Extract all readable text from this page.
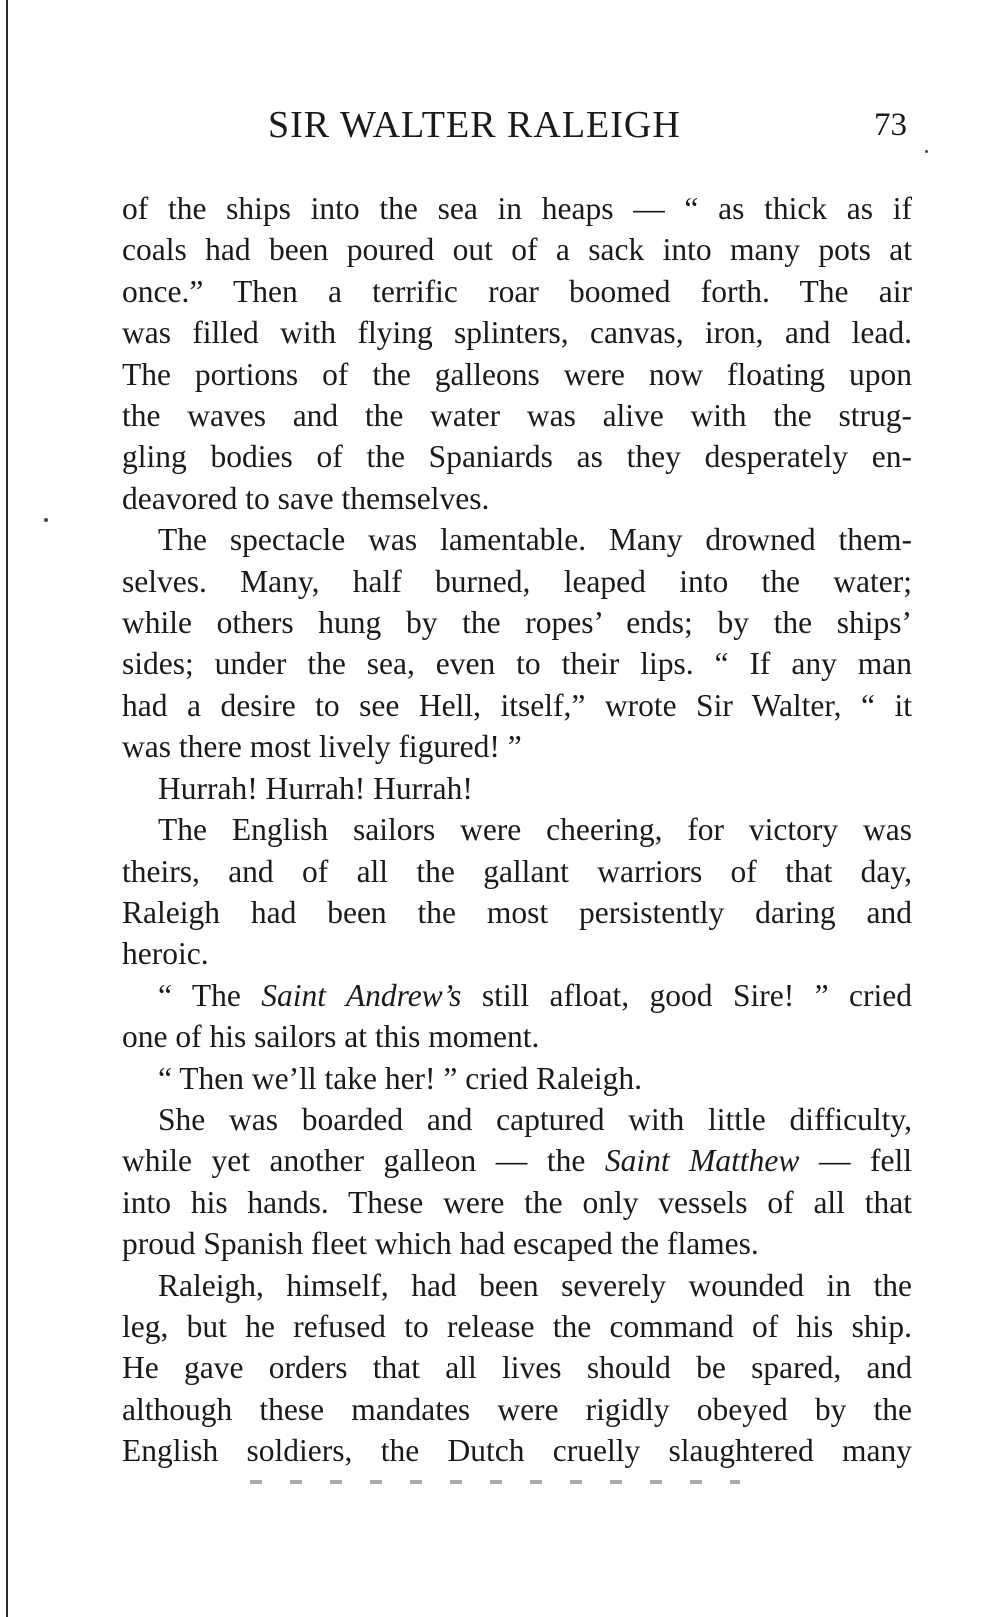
SIR WALTER RALEIGH	73
of the ships into the sea in heaps — “ as thick as if
coals had been poured out of a sack into many pots at
once.” Then a terrific roar boomed forth. The air
was filled with flying splinters, canvas, iron, and lead.
The portions of the galleons were now floating upon
the waves and the water was alive with the strug-
gling bodies of the Spaniards as they desperately en-
deavored to save themselves.
The spectacle was lamentable. Many drowned them-
selves. Many, half burned, leaped into the water;
while others hung by the ropes’ ends; by the ships’
sides; under the sea, even to their lips. “ If any man
had a desire to see Hell, itself,” wrote Sir Walter, “ it
was there most lively figured! ”
Hurrah! Hurrah! Hurrah!
The English sailors were cheering, for victory was
theirs, and of all the gallant warriors of that day,
Raleigh had been the most persistently daring and
heroic.
“ The Saint Andrew’s still afloat, good Sire! ” cried
one of his sailors at this moment.
“ Then we’ll take her! ” cried Raleigh.
She was boarded and captured with little difficulty,
while yet another galleon — the Saint Matthew — fell
into his hands. These were the only vessels of all that
proud Spanish fleet which had escaped the flames.
Raleigh, himself, had been severely wounded in the
leg, but he refused to release the command of his ship.
He gave orders that all lives should be spared, and
although these mandates were rigidly obeyed by the
English soldiers, the Dutch cruelly slaughtered many
